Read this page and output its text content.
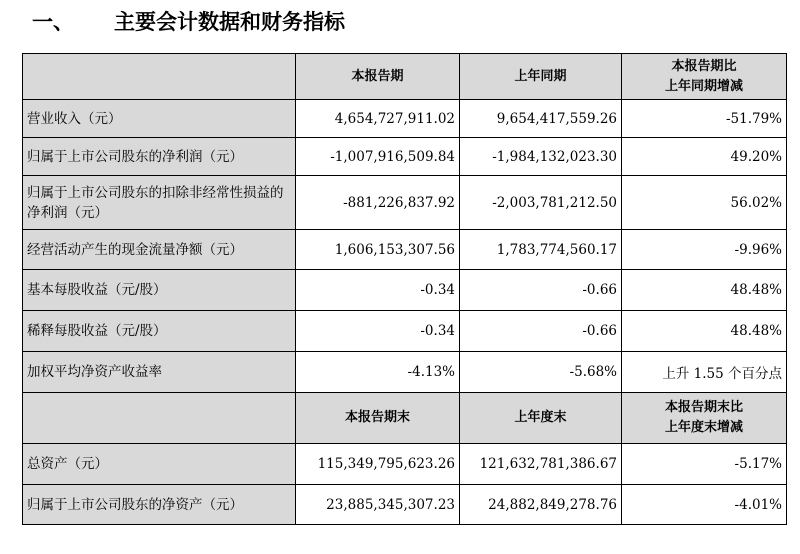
一、 主要会计数据和财务指标
	本报告期	上年同期	本报告期比
上年同期增减
营业收入（元）	4,654,727,911.02	9,654,417,559.26	-51.79%
归属于上市公司股东的净利润（元）	-1,007,916,509.84	-1,984,132,023.30	49.20%
归属于上市公司股东的扣除非经常性损益的净利润（元）	-881,226,837.92	-2,003,781,212.50	56.02%
经营活动产生的现金流量净额（元）	1,606,153,307.56	1,783,774,560.17	-9.96%
基本每股收益（元/股）	-0.34	-0.66	48.48%
稀释每股收益（元/股）	-0.34	-0.66	48.48%
加权平均净资产收益率	-4.13%	-5.68%	上升 1.55 个百分点
	本报告期末	上年度末	本报告期末比
上年度末增减
总资产（元）	115,349,795,623.26	121,632,781,386.67	-5.17%
归属于上市公司股东的净资产（元）	23,885,345,307.23	24,882,849,278.76	-4.01%
